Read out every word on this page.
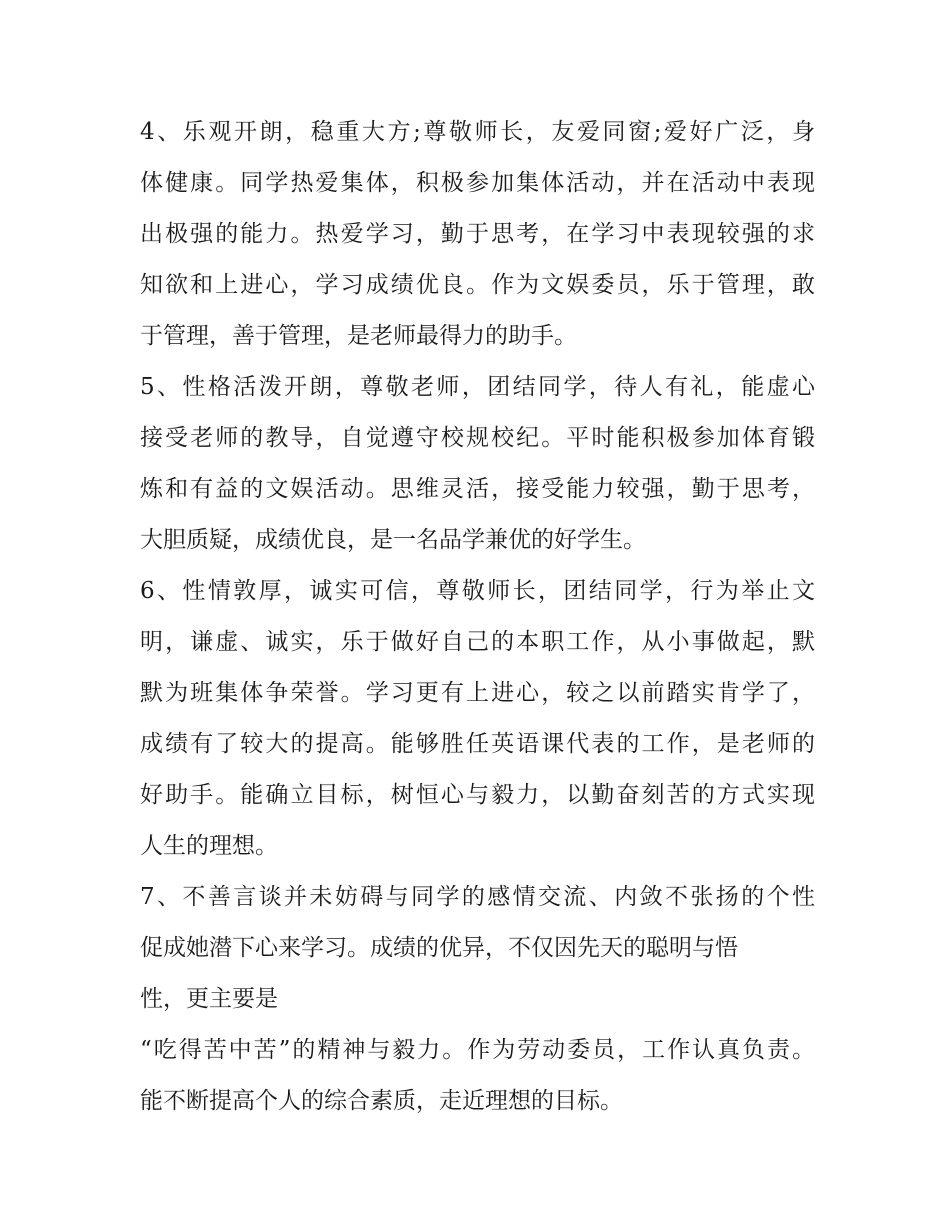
4、乐观开朗，稳重大方;尊敬师长，友爱同窗;爱好广泛，身
体健康。同学热爱集体，积极参加集体活动，并在活动中表现
出极强的能力。热爱学习，勤于思考，在学习中表现较强的求
知欲和上进心，学习成绩优良。作为文娱委员，乐于管理，敢
于管理，善于管理，是老师最得力的助手。
5、性格活泼开朗，尊敬老师，团结同学，待人有礼，能虚心
接受老师的教导，自觉遵守校规校纪。平时能积极参加体育锻
炼和有益的文娱活动。思维灵活，接受能力较强，勤于思考，
大胆质疑，成绩优良，是一名品学兼优的好学生。
6、性情敦厚，诚实可信，尊敬师长，团结同学，行为举止文
明，谦虚、诚实，乐于做好自己的本职工作，从小事做起，默
默为班集体争荣誉。学习更有上进心，较之以前踏实肯学了，
成绩有了较大的提高。能够胜任英语课代表的工作，是老师的
好助手。能确立目标，树恒心与毅力，以勤奋刻苦的方式实现
人生的理想。
7、不善言谈并未妨碍与同学的感情交流、内敛不张扬的个性
促成她潜下心来学习。成绩的优异，不仅因先天的聪明与悟
性，更主要是
“吃得苦中苦”的精神与毅力。作为劳动委员，工作认真负责。
能不断提高个人的综合素质，走近理想的目标。
